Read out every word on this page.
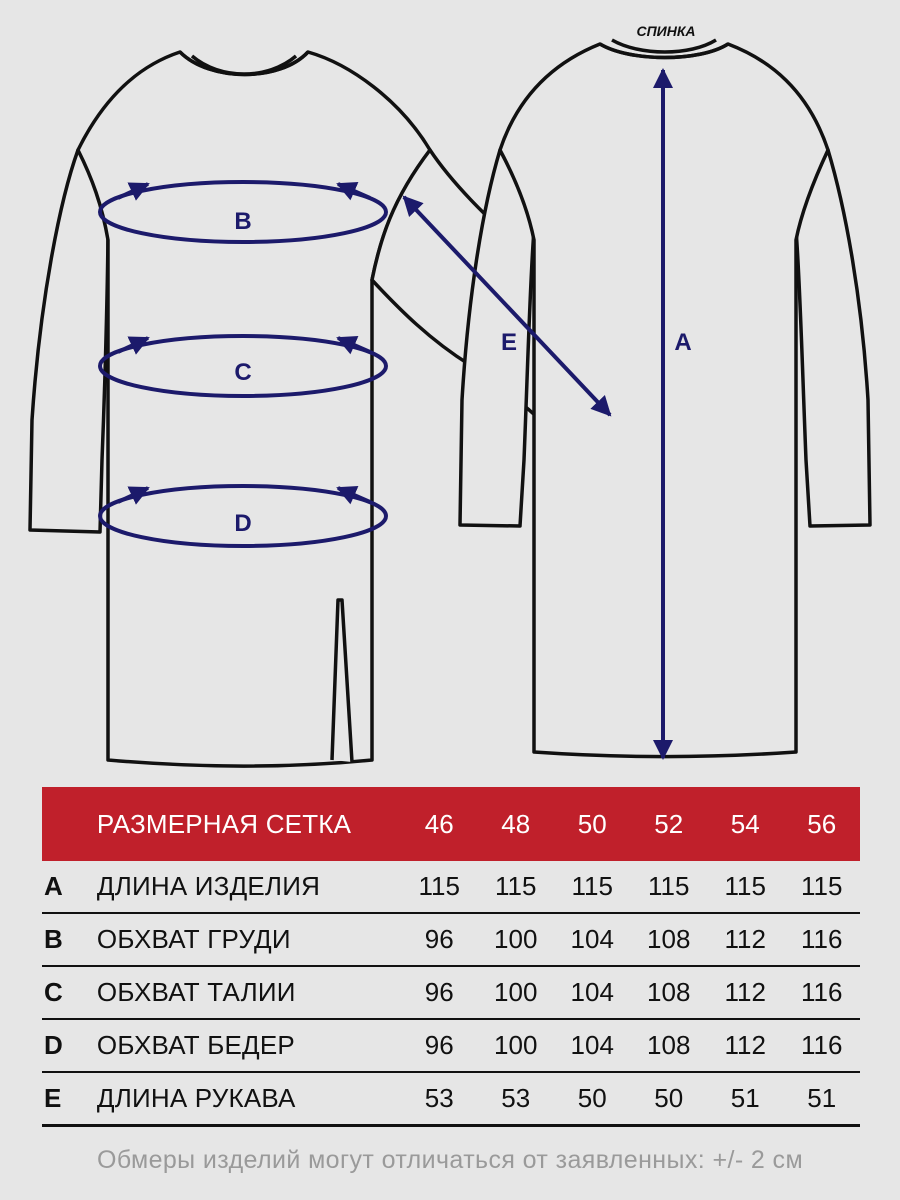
B
C
D
E	A
СПИНКА
РАЗМЕРНАЯ СЕТКА	46	48	50	52	54	56
A	ДЛИНА ИЗДЕЛИЯ	115	115	115	115	115	115
B	ОБХВАТ ГРУДИ	96	100	104	108	112	116
C	ОБХВАТ ТАЛИИ	96	100	104	108	112	116
D	ОБХВАТ БЕДЕР	96	100	104	108	112	116
E	ДЛИНА РУКАВА	53	53	50	50	51	51
Обмеры изделий могут отличаться от заявленных: +/- 2 см
